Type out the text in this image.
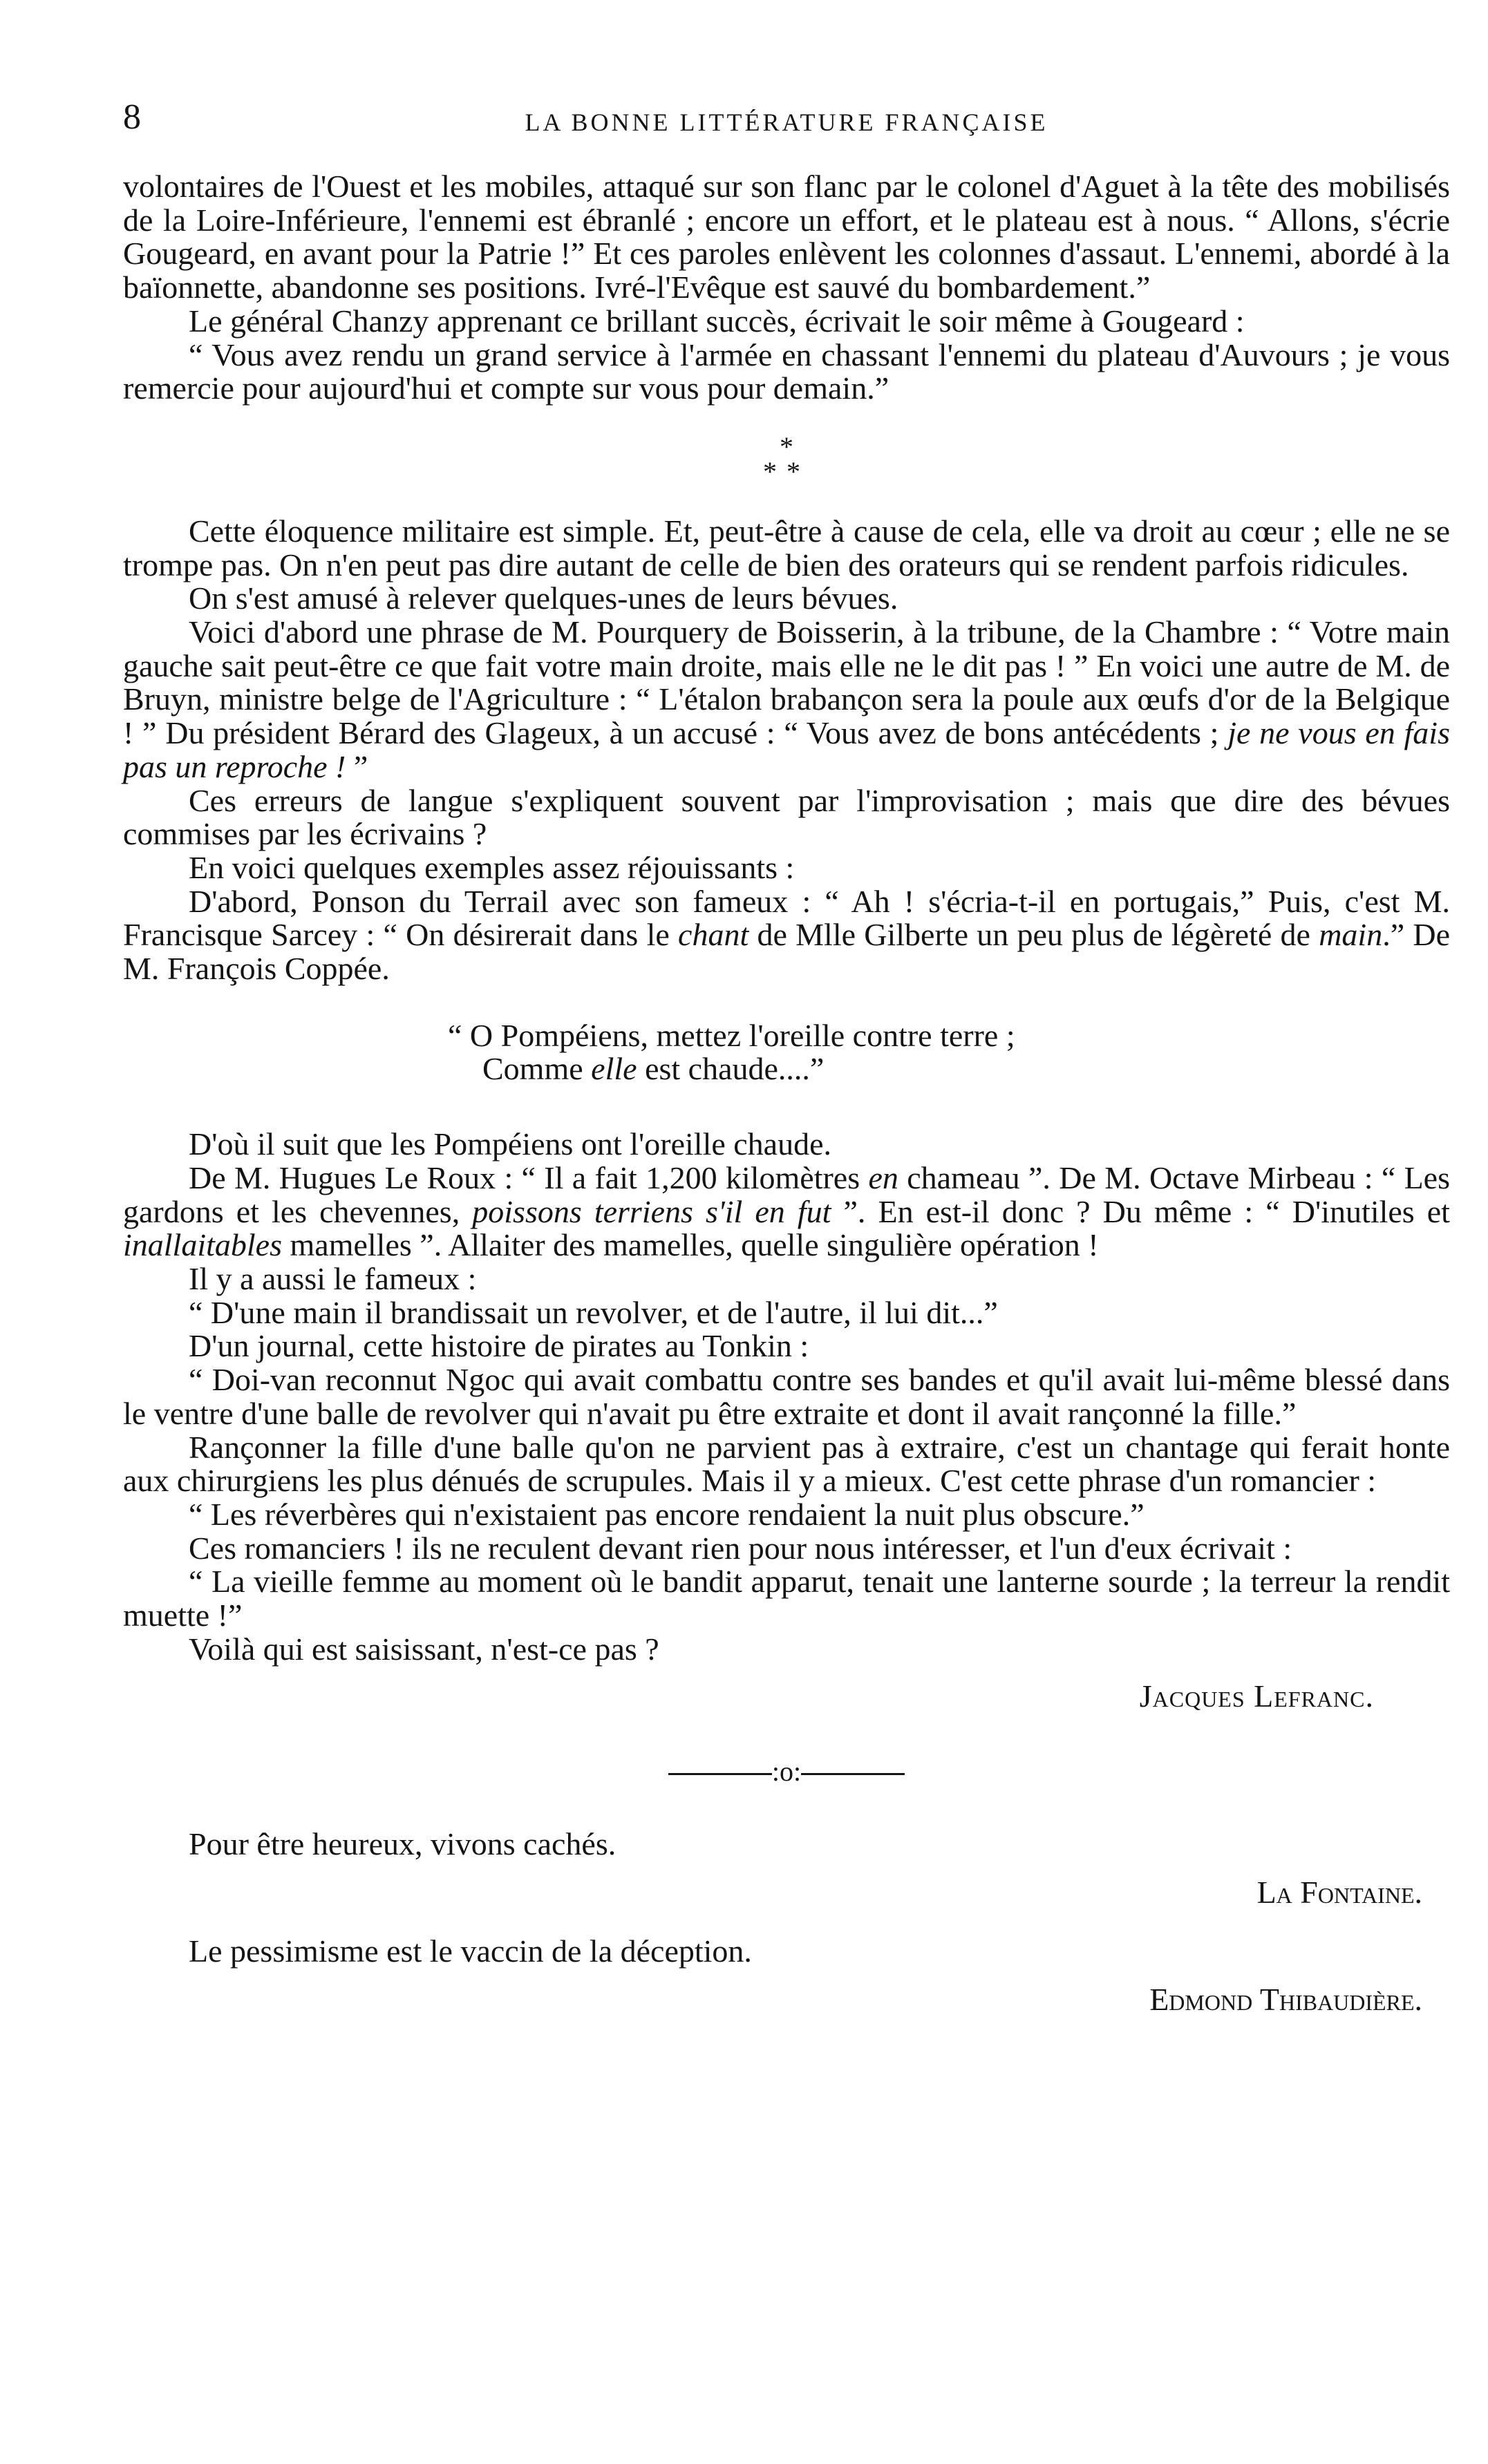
8	LA BONNE LITTÉRATURE FRANÇAISE

volontaires de l'Ouest et les mobiles, attaqué sur son flanc par le colonel d'Aguet à la tête des mobilisés de la Loire-Inférieure, l'ennemi est ébranlé ; encore un effort, et le plateau est à nous. “ Allons, s'écrie Gougeard, en avant pour la Patrie !” Et ces paroles enlèvent les colonnes d'assaut. L'ennemi, abordé à la baïonnette, abandonne ses positions. Ivré-l'Evêque est sauvé du bombardement.”

Le général Chanzy apprenant ce brillant succès, écrivait le soir même à Gougeard :

“ Vous avez rendu un grand service à l'armée en chassant l'ennemi du plateau d'Auvours ; je vous remercie pour aujourd'hui et compte sur vous pour demain.”

*
**

Cette éloquence militaire est simple. Et, peut-être à cause de cela, elle va droit au cœur ; elle ne se trompe pas. On n'en peut pas dire autant de celle de bien des orateurs qui se rendent parfois ridicules.

On s'est amusé à relever quelques-unes de leurs bévues.

Voici d'abord une phrase de M. Pourquery de Boisserin, à la tribune, de la Chambre : “ Votre main gauche sait peut-être ce que fait votre main droite, mais elle ne le dit pas ! ” En voici une autre de M. de Bruyn, ministre belge de l'Agriculture : “ L'étalon brabançon sera la poule aux œufs d'or de la Belgique ! ” Du président Bérard des Glageux, à un accusé : “ Vous avez de bons antécédents ; je ne vous en fais pas un reproche ! ”

Ces erreurs de langue s'expliquent souvent par l'improvisation ; mais que dire des bévues commises par les écrivains ?

En voici quelques exemples assez réjouissants :

D'abord, Ponson du Terrail avec son fameux : “ Ah ! s'écria-t-il en portugais,” Puis, c'est M. Francisque Sarcey : “ On désirerait dans le chant de Mlle Gilberte un peu plus de légèreté de main.” De M. François Coppée.

“ O Pompéiens, mettez l'oreille contre terre ;

Comme elle est chaude....”

D'où il suit que les Pompéiens ont l'oreille chaude.

De M. Hugues Le Roux : “ Il a fait 1,200 kilomètres en chameau ”. De M. Octave Mirbeau : “ Les gardons et les chevennes, poissons terriens s'il en fut ”. En est-il donc ? Du même : “ D'inutiles et inallaitables mamelles ”. Allaiter des mamelles, quelle singulière opération !

Il y a aussi le fameux :

“ D'une main il brandissait un revolver, et de l'autre, il lui dit...”

D'un journal, cette histoire de pirates au Tonkin :

“ Doi-van reconnut Ngoc qui avait combattu contre ses bandes et qu'il avait lui-même blessé dans le ventre d'une balle de revolver qui n'avait pu être extraite et dont il avait rançonné la fille.”

Rançonner la fille d'une balle qu'on ne parvient pas à extraire, c'est un chantage qui ferait honte aux chirurgiens les plus dénués de scrupules. Mais il y a mieux. C'est cette phrase d'un romancier :

“ Les réverbères qui n'existaient pas encore rendaient la nuit plus obscure.”

Ces romanciers ! ils ne reculent devant rien pour nous intéresser, et l'un d'eux écrivait :

“ La vieille femme au moment où le bandit apparut, tenait une lanterne sourde ; la terreur la rendit muette !”

Voilà qui est saisissant, n'est-ce pas ?

Jacques Lefranc.
:o:
Pour être heureux, vivons cachés.
La Fontaine.
Le pessimisme est le vaccin de la déception.
Edmond Thibaudière.
